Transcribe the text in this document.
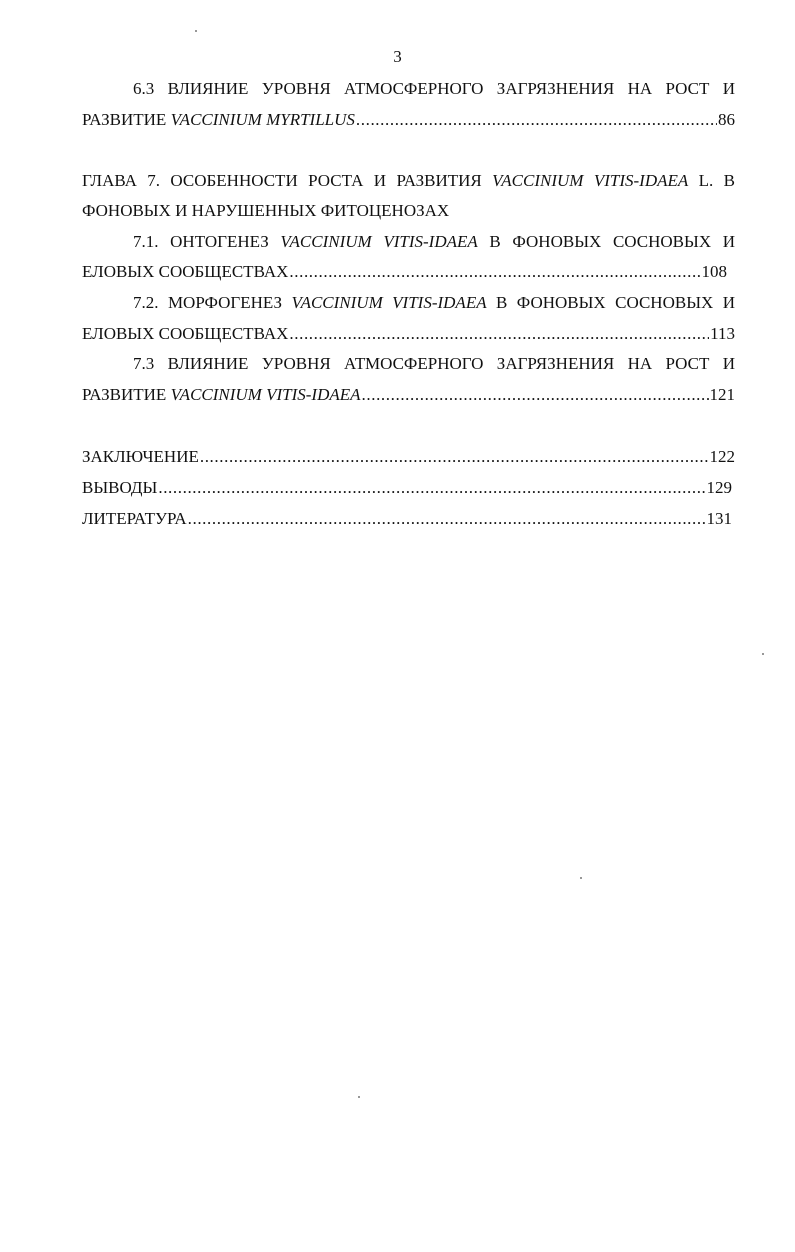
3
6.3 ВЛИЯНИЕ УРОВНЯ АТМОСФЕРНОГО ЗАГРЯЗНЕНИЯ НА РОСТ И
РАЗВИТИЕ VACCINIUM MYRTILLUS .....	86
ГЛАВА 7. ОСОБЕННОСТИ РОСТА И РАЗВИТИЯ VACCINIUM VITIS-IDAEA L. В
ФОНОВЫХ И НАРУШЕННЫХ ФИТОЦЕНОЗАХ
7.1. ОНТОГЕНЕЗ VACCINIUM VITIS-IDAEA В ФОНОВЫХ СОСНОВЫХ И
ЕЛОВЫХ СООБЩЕСТВАХ .....	108
7.2. МОРФОГЕНЕЗ VACCINIUM VITIS-IDAEA В ФОНОВЫХ СОСНОВЫХ И
ЕЛОВЫХ СООБЩЕСТВАХ .....	113
7.3 ВЛИЯНИЕ УРОВНЯ АТМОСФЕРНОГО ЗАГРЯЗНЕНИЯ НА РОСТ И
РАЗВИТИЕ VACCINIUM VITIS-IDAEA .....	121
ЗАКЛЮЧЕНИЕ .....	122
ВЫВОДЫ .....	129
ЛИТЕРАТУРА .....	131
